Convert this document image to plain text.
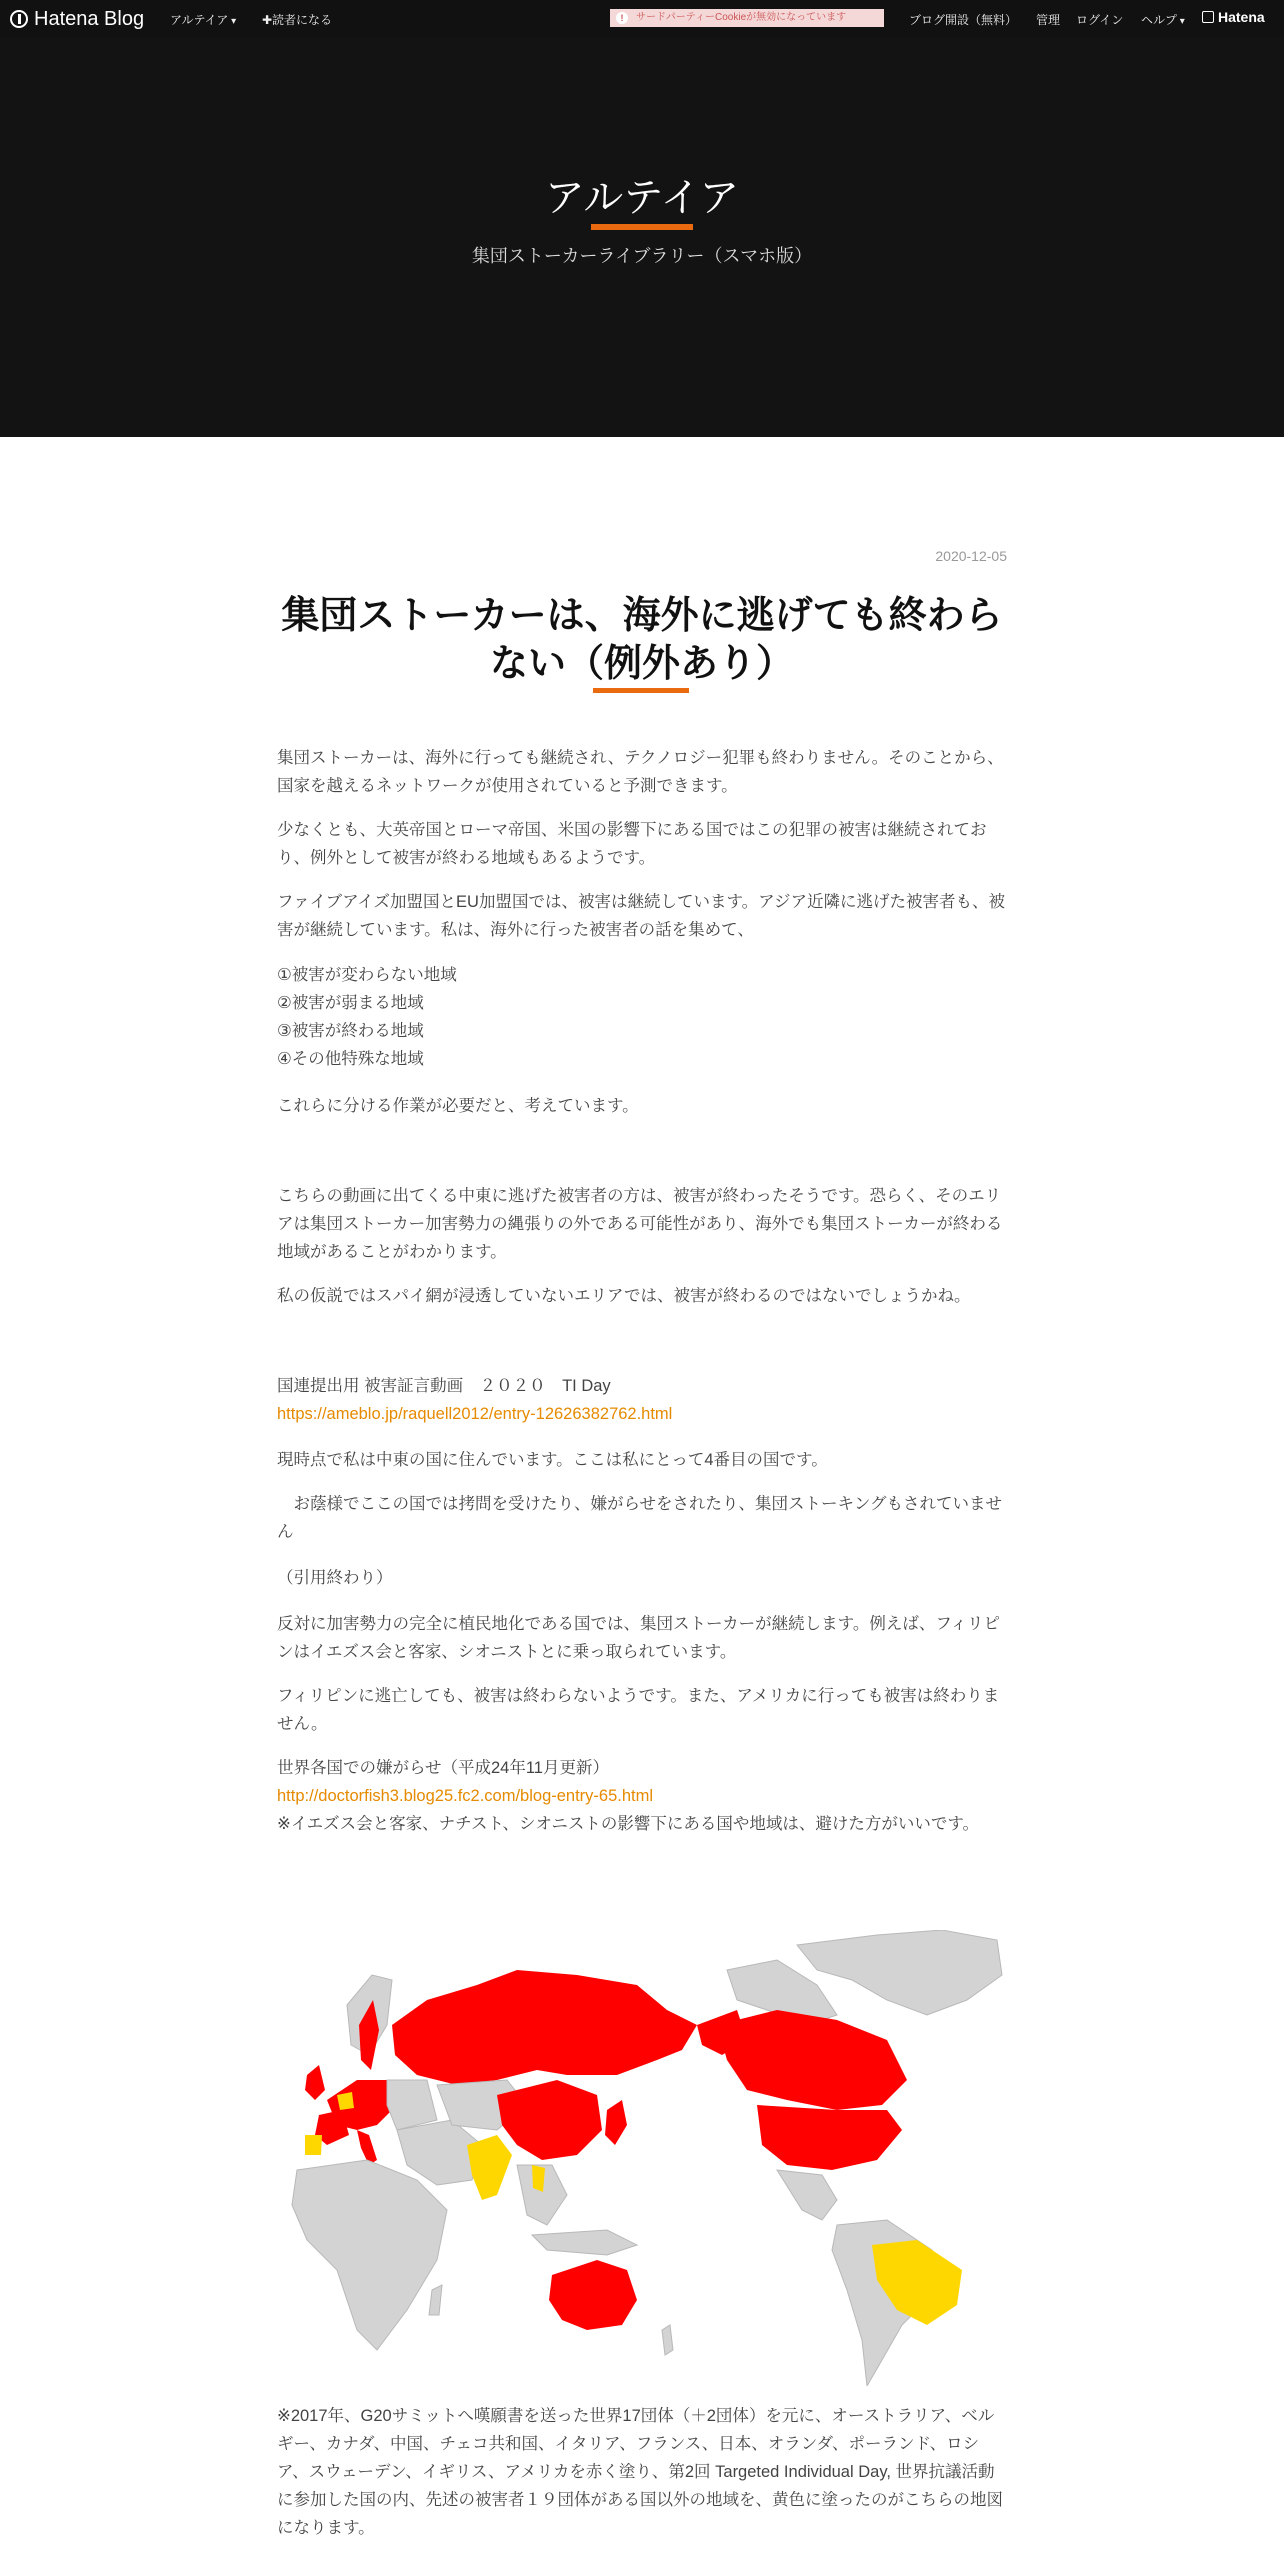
Hatena Blog アルテイア ▾	✚読者になる	!	サードパーティーCookieが無効になっています	ブログ開設（無料） 管理 ログイン ヘルプ ▾	Hatena
アルテイア
集団ストーカーライブラリー（スマホ版）
2020-12-05
集団ストーカーは、海外に逃げても終わらない（例外あり）

集団ストーカーは、海外に行っても継続され、テクノロジー犯罪も終わりません。そのことから、国家を越えるネットワークが使用されていると予測できます。

少なくとも、大英帝国とローマ帝国、米国の影響下にある国ではこの犯罪の被害は継続されており、例外として被害が終わる地域もあるようです。

ファイブアイズ加盟国とEU加盟国では、被害は継続しています。アジア近隣に逃げた被害者も、被害が継続しています。私は、海外に行った被害者の話を集めて、

①被害が変わらない地域

②被害が弱まる地域

③被害が終わる地域

④その他特殊な地域

これらに分ける作業が必要だと、考えています。

こちらの動画に出てくる中東に逃げた被害者の方は、被害が終わったそうです。恐らく、そのエリアは集団ストーカー加害勢力の縄張りの外である可能性があり、海外でも集団ストーカーが終わる地域があることがわかります。

私の仮説ではスパイ網が浸透していないエリアでは、被害が終わるのではないでしょうかね。

国連提出用 被害証言動画　２０２０　TI Day

https://ameblo.jp/raquell2012/entry-12626382762.html

現時点で私は中東の国に住んでいます。ここは私にとって4番目の国です。

　お蔭様でここの国では拷問を受けたり、嫌がらせをされたり、集団ストーキングもされていません

（引用終わり）

反対に加害勢力の完全に植民地化である国では、集団ストーカーが継続します。例えば、フィリピンはイエズス会と客家、シオニストとに乗っ取られています。

フィリピンに逃亡しても、被害は終わらないようです。また、アメリカに行っても被害は終わりません。

世界各国での嫌がらせ（平成24年11月更新）

http://doctorfish3.blog25.fc2.com/blog-entry-65.html

※イエズス会と客家、ナチスト、シオニストの影響下にある国や地域は、避けた方がいいです。

※2017年、G20サミットへ嘆願書を送った世界17団体（＋2団体）を元に、オーストラリア、ベルギー、カナダ、中国、チェコ共和国、イタリア、フランス、日本、オランダ、ポーランド、ロシア、スウェーデン、イギリス、アメリカを赤く塗り、第2回 Targeted Individual Day, 世界抗議活動に参加した国の内、先述の被害者１９団体がある国以外の地域を、黄色に塗ったのがこちらの地図になります。
